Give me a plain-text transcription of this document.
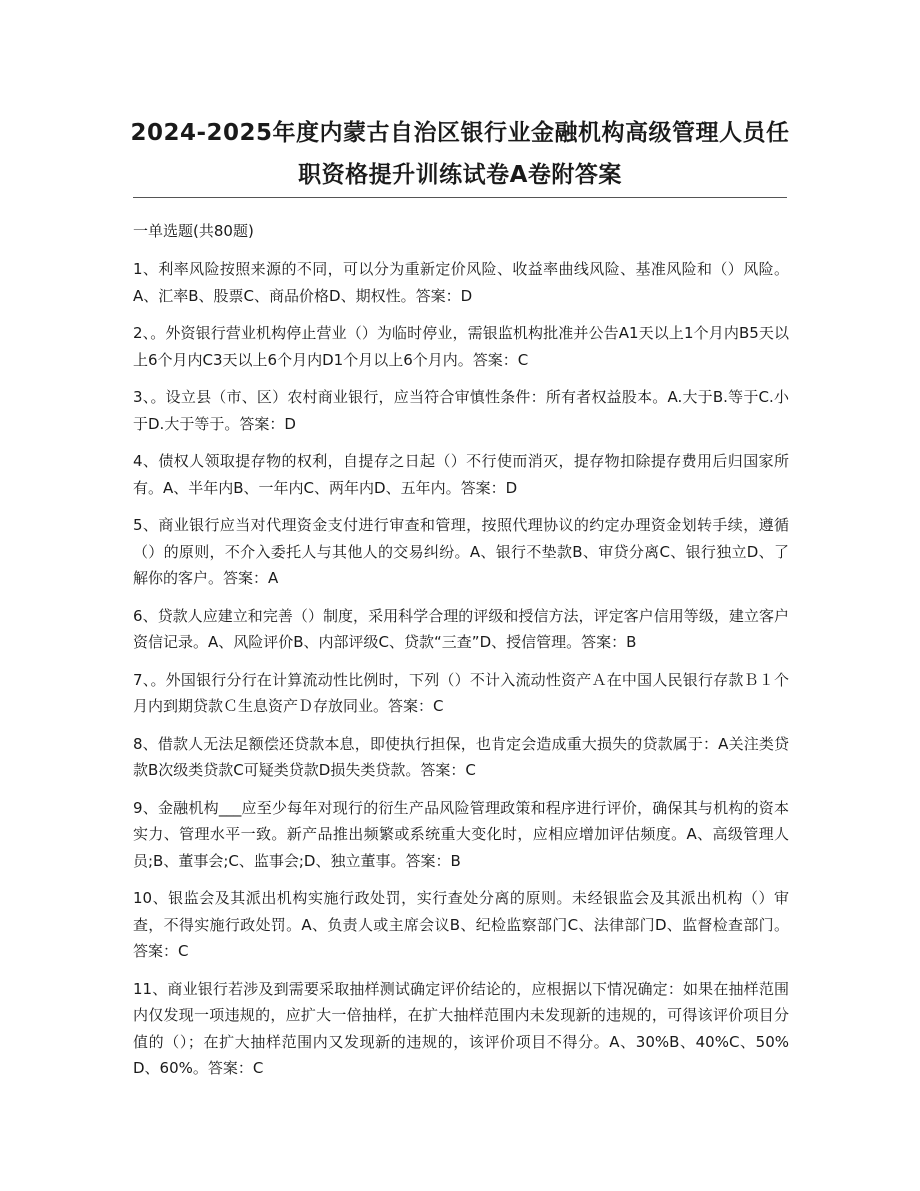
2024-2025年度内蒙古自治区银行业金融机构高级管理人员任职资格提升训练试卷A卷附答案

一单选题(共80题)

1、利率风险按照来源的不同，可以分为重新定价风险、收益率曲线风险、基准风险和（）风险。A、汇率B、股票C、商品价格D、期权性。答案：D
2、。外资银行营业机构停止营业（）为临时停业，需银监机构批准并公告A1天以上1个月内B5天以上6个月内C3天以上6个月内D1个月以上6个月内。答案：C
3、。设立县（市、区）农村商业银行，应当符合审慎性条件：所有者权益股本。A.大于B.等于C.小于D.大于等于。答案：D
4、债权人领取提存物的权利，自提存之日起（）不行使而消灭，提存物扣除提存费用后归国家所有。A、半年内B、一年内C、两年内D、五年内。答案：D
5、商业银行应当对代理资金支付进行审查和管理，按照代理协议的约定办理资金划转手续，遵循（）的原则，不介入委托人与其他人的交易纠纷。A、银行不垫款B、审贷分离C、银行独立D、了解你的客户。答案：A
6、贷款人应建立和完善（）制度，采用科学合理的评级和授信方法，评定客户信用等级，建立客户资信记录。A、风险评价B、内部评级C、贷款“三查”D、授信管理。答案：B
7、。外国银行分行在计算流动性比例时，下列（）不计入流动性资产Ａ在中国人民银行存款Ｂ１个月内到期贷款Ｃ生息资产Ｄ存放同业。答案：C
8、借款人无法足额偿还贷款本息，即使执行担保，也肯定会造成重大损失的贷款属于：A关注类贷款B次级类贷款C可疑类贷款D损失类贷款。答案：C
9、金融机构___应至少每年对现行的衍生产品风险管理政策和程序进行评价，确保其与机构的资本实力、管理水平一致。新产品推出频繁或系统重大变化时，应相应增加评估频度。A、高级管理人员;B、董事会;C、监事会;D、独立董事。答案：B
10、银监会及其派出机构实施行政处罚，实行查处分离的原则。未经银监会及其派出机构（）审查，不得实施行政处罚。A、负责人或主席会议B、纪检监察部门C、法律部门D、监督检查部门。答案：C
11、商业银行若涉及到需要采取抽样测试确定评价结论的，应根据以下情况确定：如果在抽样范围内仅发现一项违规的，应扩大一倍抽样，在扩大抽样范围内未发现新的违规的，可得该评价项目分值的（）；在扩大抽样范围内又发现新的违规的，该评价项目不得分。A、30%B、40%C、50%D、60%。答案：C
